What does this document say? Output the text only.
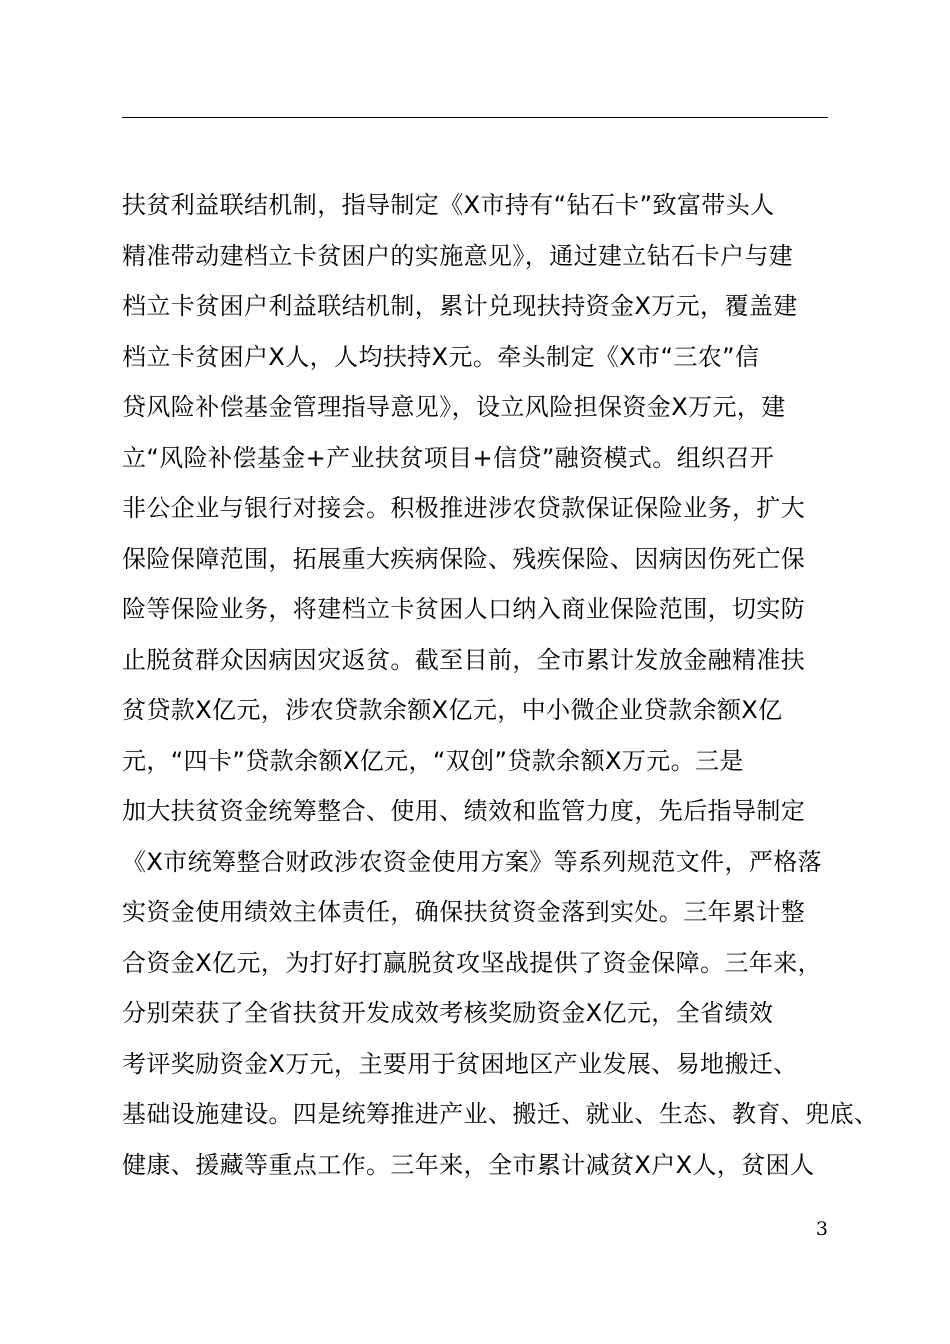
扶贫利益联结机制，指导制定《X市持有“钻石卡”致富带头人
精准带动建档立卡贫困户的实施意见》，通过建立钻石卡户与建
档立卡贫困户利益联结机制，累计兑现扶持资金X万元，覆盖建
档立卡贫困户X人，人均扶持X元。牵头制定《X市“三农”信
贷风险补偿基金管理指导意见》，设立风险担保资金X万元，建
立“风险补偿基金+产业扶贫项目+信贷”融资模式。组织召开
非公企业与银行对接会。积极推进涉农贷款保证保险业务，扩大
保险保障范围，拓展重大疾病保险、残疾保险、因病因伤死亡保
险等保险业务，将建档立卡贫困人口纳入商业保险范围，切实防
止脱贫群众因病因灾返贫。截至目前，全市累计发放金融精准扶
贫贷款X亿元，涉农贷款余额X亿元，中小微企业贷款余额X亿
元，“四卡”贷款余额X亿元，“双创”贷款余额X万元。三是
加大扶贫资金统筹整合、使用、绩效和监管力度，先后指导制定
《X市统筹整合财政涉农资金使用方案》等系列规范文件，严格落
实资金使用绩效主体责任，确保扶贫资金落到实处。三年累计整
合资金X亿元，为打好打赢脱贫攻坚战提供了资金保障。三年来，
分别荣获了全省扶贫开发成效考核奖励资金X亿元，全省绩效
考评奖励资金X万元，主要用于贫困地区产业发展、易地搬迁、
基础设施建设。四是统筹推进产业、搬迁、就业、生态、教育、兜底、
健康、援藏等重点工作。三年来，全市累计减贫X户X人，贫困人
3
